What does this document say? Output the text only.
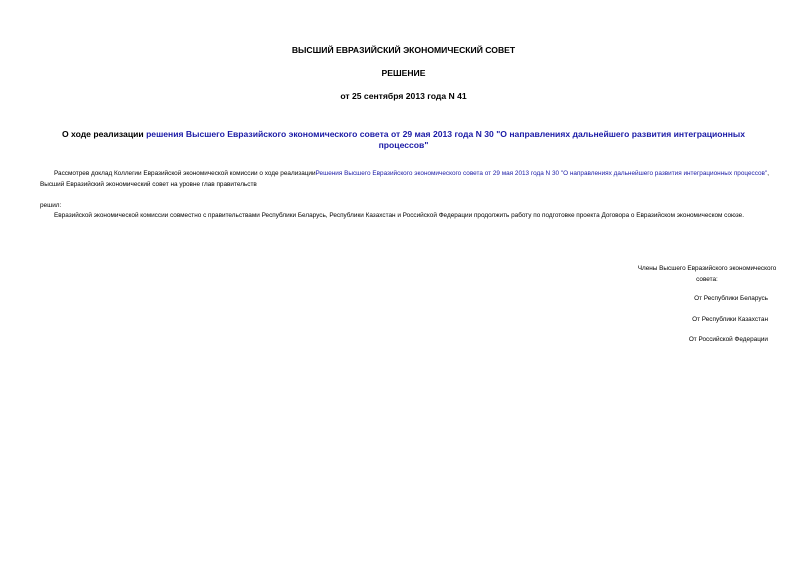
ВЫСШИЙ ЕВРАЗИЙСКИЙ ЭКОНОМИЧЕСКИЙ СОВЕТ
РЕШЕНИЕ
от 25 сентября 2013 года N 41
О ходе реализации решения Высшего Евразийского экономического совета от 29 мая 2013 года N 30 "О направлениях дальнейшего развития интеграционных процессов"
Рассмотрев доклад Коллегии Евразийской экономической комиссии о ходе реализацииРешения Высшего Евразийского экономического совета от 29 мая 2013 года N 30 "О направлениях дальнейшего развития интеграционных процессов", Высший Евразийский экономический совет на уровне глав правительств
решил:
Евразийской экономической комиссии совместно с правительствами Республики Беларусь, Республики Казахстан и Российской Федерации продолжить работу по подготовке проекта Договора о Евразийском экономическом союзе.
Члены Высшего Евразийского экономического совета:
От Республики Беларусь
От Республики Казахстан
От Российской Федерации
